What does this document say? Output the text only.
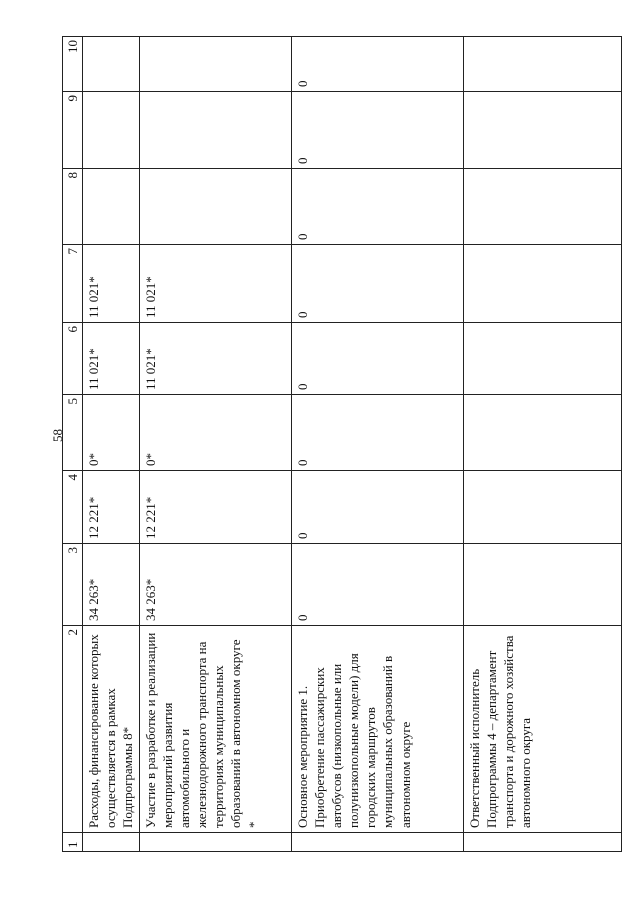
58
1	2	3	4	5	6	7	8	9	10
	Расходы, финансирование которых осуществляется в рамках Подпрограммы 8*	34 263*	12 221*	0*	11 021*	11 021*			
	Участие в разработке и реализации мероприятий развития автомобильного и железнодорожного транспорта на территориях муниципальных образований в автономном округе *	34 263*	12 221*	0*	11 021*	11 021*			
	Основное мероприятие 1. Приобретение пассажирских автобусов (низкопольные или полунизкопольные модели) для городских маршрутов муниципальных образований в автономном округе	0	0	0	0	0	0	0	0
	Ответственный исполнитель Подпрограммы 4 – департамент транспорта и дорожного хозяйства автономного округа								
